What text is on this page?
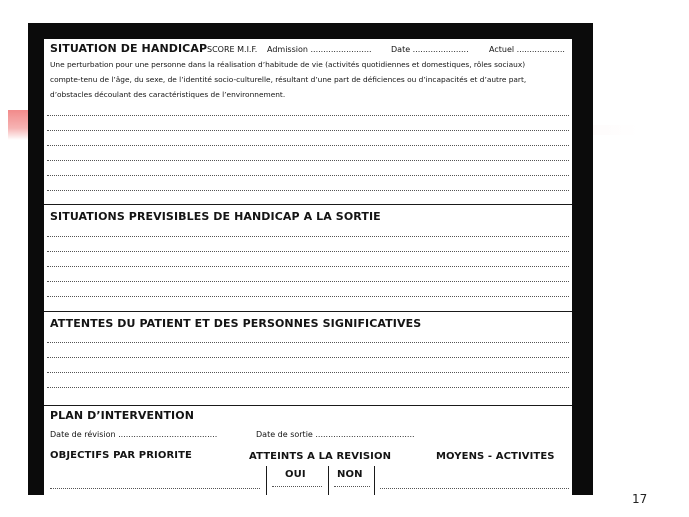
SITUATION DE HANDICAP SCORE M.I.F. Admission ........................ Date ......................	Actuel ...................
Une perturbation pour une personne dans la réalisation d’habitude de vie (activités quotidiennes et domestiques, rôles sociaux)
compte-tenu de l’âge, du sexe, de l’identité socio-culturelle, résultant d’une part de déficiences ou d’incapacités et d’autre part,
d’obstacles découlant des caractéristiques de l’environnement.
SITUATIONS PREVISIBLES DE HANDICAP A LA SORTIE
ATTENTES DU PATIENT ET DES PERSONNES SIGNIFICATIVES
PLAN D’INTERVENTION
Date de révision .......................................	Date de sortie .......................................
OBJECTIFS PAR PRIORITE	ATTEINTS A LA REVISION	MOYENS - ACTIVITES
OUI	NON
17
